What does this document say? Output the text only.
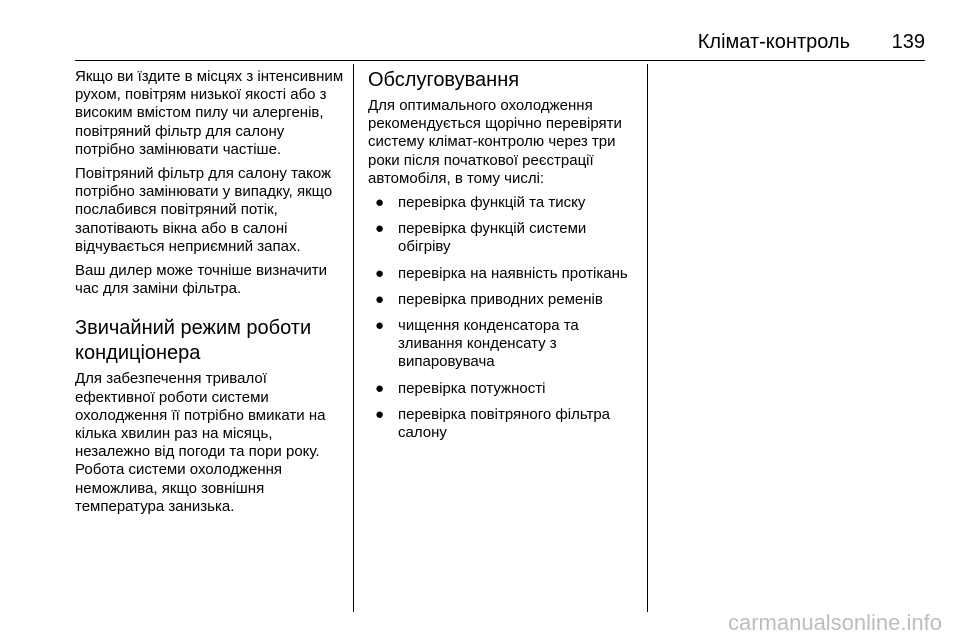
Клімат-контроль 139

Якщо ви їздите в місцях з інтенсивним рухом, повітрям низької якості або з високим вмістом пилу чи алергенів, повітряний фільтр для салону потрібно замінювати частіше.

Повітряний фільтр для салону також потрібно замінювати у випадку, якщо послабився повітряний потік, запотівають вікна або в салоні відчувається неприємний запах.

Ваш дилер може точніше визначити час для заміни фільтра.

Звичайний режим роботи кондиціонера

Для забезпечення тривалої ефективної роботи системи охолодження її потрібно вмикати на кілька хвилин раз на місяць, незалежно від погоди та пори року. Робота системи охолодження неможлива, якщо зовнішня температура занизька.

Обслуговування

Для оптимального охолодження рекомендується щорічно перевіряти систему клімат-контролю через три роки після початкової реєстрації автомобіля, в тому числі:

● перевірка функцій та тиску
● перевірка функцій системи обігріву
● перевірка на наявність протікань
● перевірка приводних ременів
● чищення конденсатора та зливання конденсату з випаровувача
● перевірка потужності
● перевірка повітряного фільтра салону
carmanualsonline.info
